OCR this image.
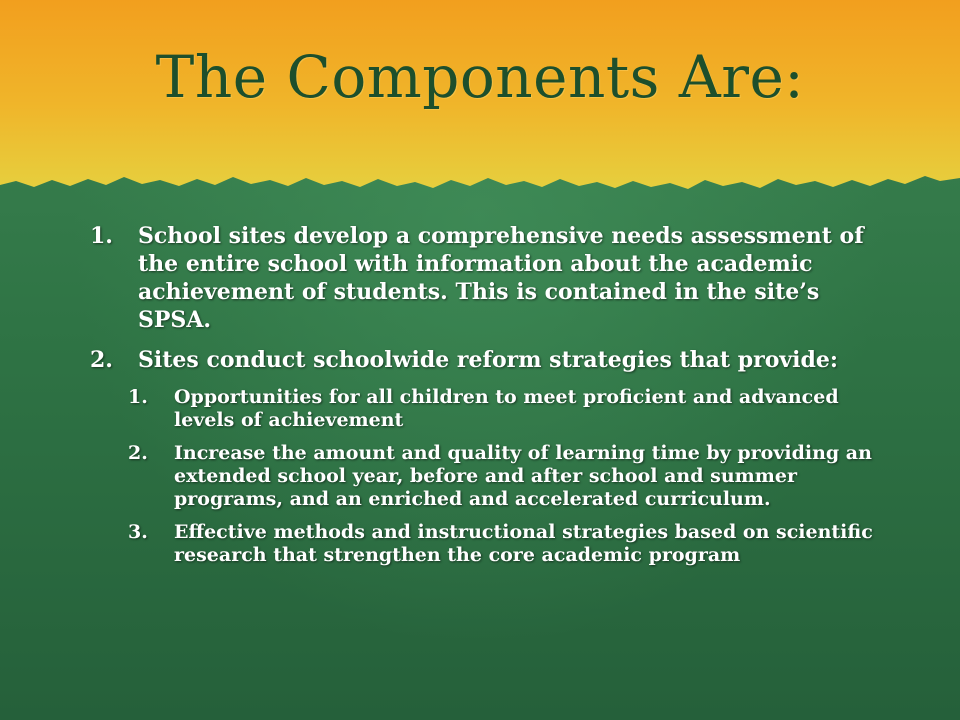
The Components Are:
1.	School sites develop a comprehensive needs assessment of the entire school with information about the academic achievement of students. This is contained in the site’s SPSA.
2.	Sites conduct schoolwide reform strategies that provide:
1.	Opportunities for all children to meet proficient and advanced levels of achievement
2.	Increase the amount and quality of learning time by providing an extended school year, before and after school and summer programs, and an enriched and accelerated curriculum.
3.	Effective methods and instructional strategies based on scientific research that strengthen the core academic program
